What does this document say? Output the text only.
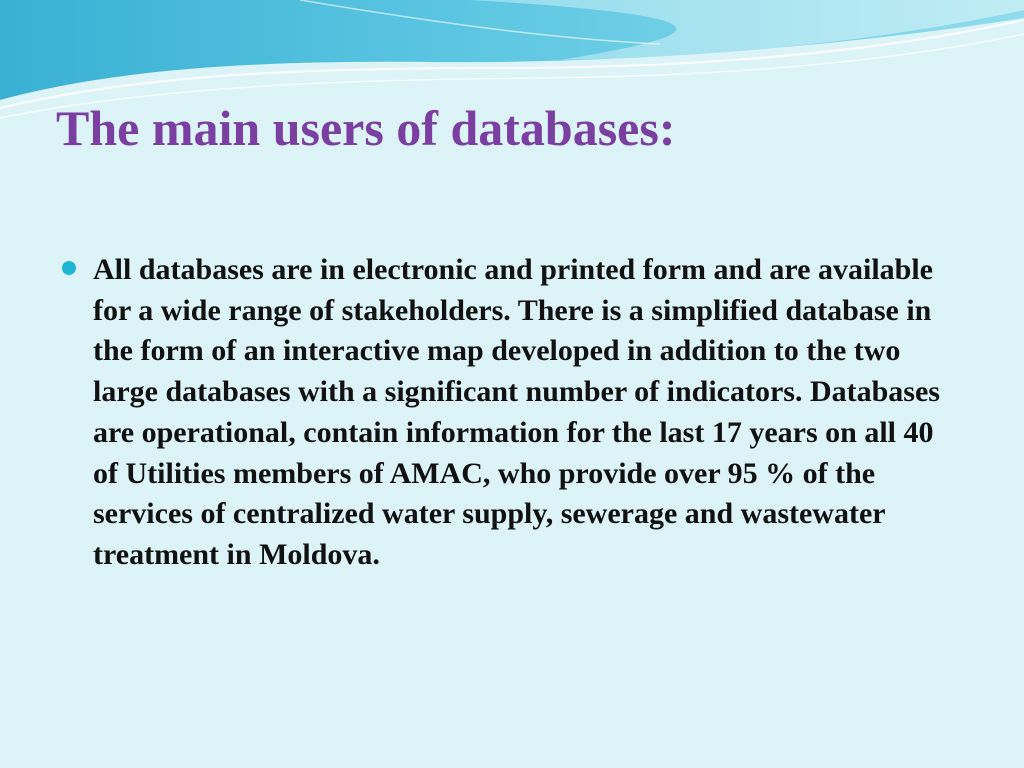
The main users of databases:

All databases are in electronic and printed form and are available for a wide range of stakeholders. There is a simplified database in the form of an interactive map developed in addition to the two large databases with a significant number of indicators. Databases are operational, contain information for the last 17 years on all 40 of Utilities members of AMAC, who provide over 95 % of the services of centralized water supply, sewerage and wastewater treatment in Moldova.
